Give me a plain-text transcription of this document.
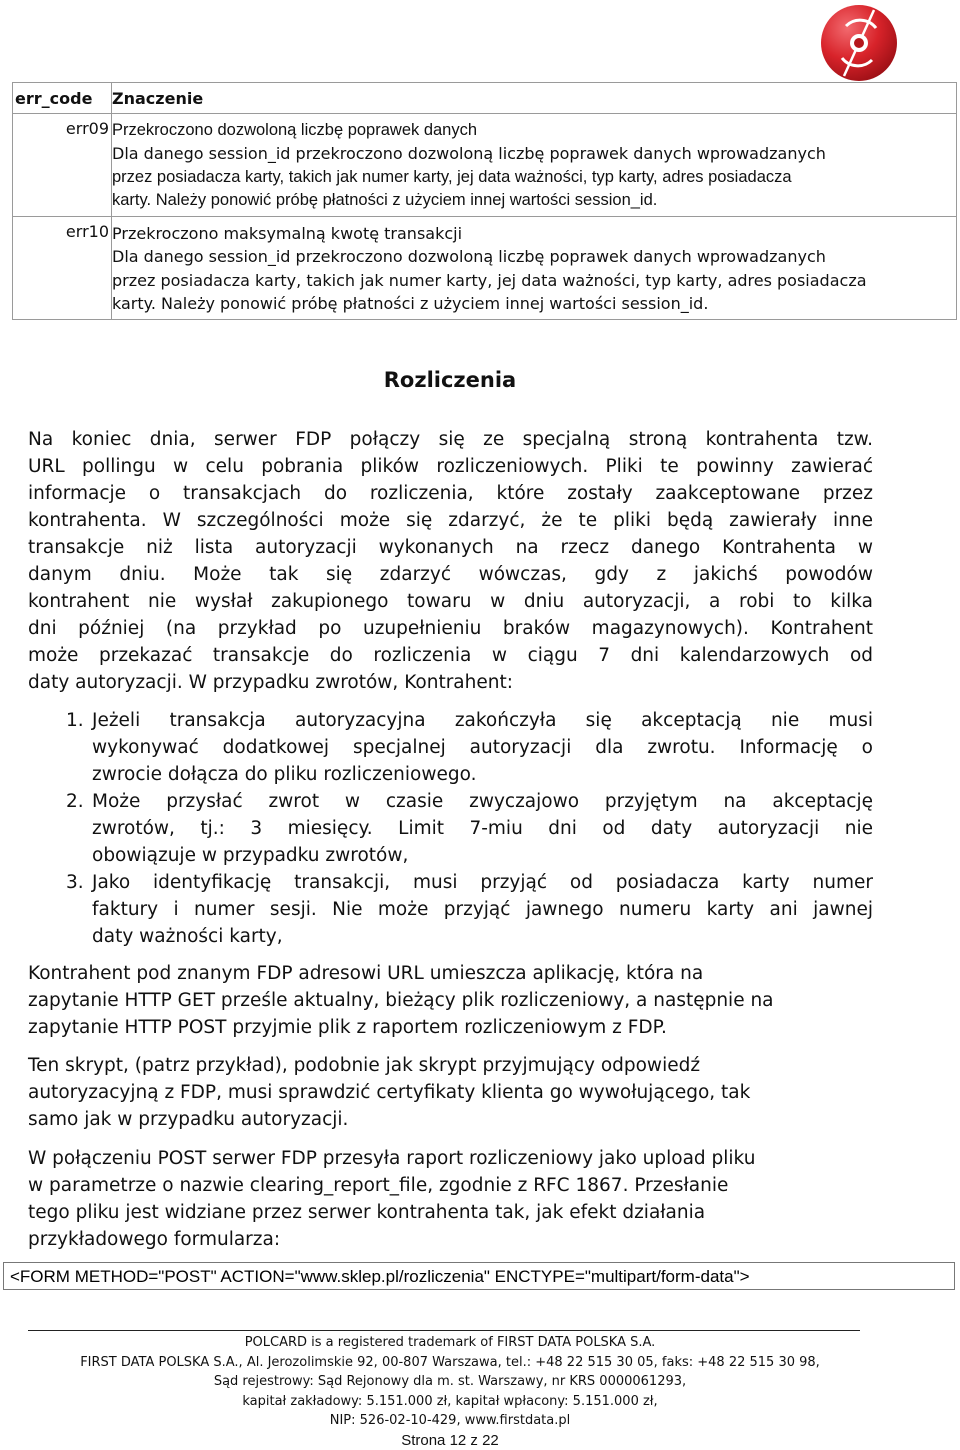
err_code	Znaczenie
err09	Przekroczono dozwoloną liczbę poprawek danych
Dla danego session_id przekroczono dozwoloną liczbę poprawek danych wprowadzanych
przez posiadacza karty, takich jak numer karty, jej data ważności, typ karty, adres posiadacza
karty. Należy ponowić próbę płatności z użyciem innej wartości session_id.

err10	Przekroczono maksymalną kwotę transakcji
Dla danego session_id przekroczono dozwoloną liczbę poprawek danych wprowadzanych
przez posiadacza karty, takich jak numer karty, jej data ważności, typ karty, adres posiadacza
karty. Należy ponowić próbę płatności z użyciem innej wartości session_id.
Rozliczenia
Na koniec dnia, serwer FDP połączy się ze specjalną stroną kontrahenta tzw.
URL pollingu w celu pobrania plików rozliczeniowych. Pliki te powinny zawierać
informacje o transakcjach do rozliczenia, które zostały zaakceptowane przez
kontrahenta. W szczególności może się zdarzyć, że te pliki będą zawierały inne
transakcje niż lista autoryzacji wykonanych na rzecz danego Kontrahenta w
danym dniu. Może tak się zdarzyć wówczas, gdy z jakichś powodów
kontrahent nie wysłał zakupionego towaru w dniu autoryzacji, a robi to kilka
dni później (na przykład po uzupełnieniu braków magazynowych). Kontrahent
może przekazać transakcje do rozliczenia w ciągu 7 dni kalendarzowych od
daty autoryzacji. W przypadku zwrotów, Kontrahent:
1. Jeżeli transakcja autoryzacyjna zakończyła się akceptacją nie musi
wykonywać dodatkowej specjalnej autoryzacji dla zwrotu. Informację o
zwrocie dołącza do pliku rozliczeniowego.
2. Może przysłać zwrot w czasie zwyczajowo przyjętym na akceptację
zwrotów, tj.: 3 miesięcy. Limit 7-miu dni od daty autoryzacji nie
obowiązuje w przypadku zwrotów,
3. Jako identyfikację transakcji, musi przyjąć od posiadacza karty numer
faktury i numer sesji. Nie może przyjąć jawnego numeru karty ani jawnej
daty ważności karty,
Kontrahent pod znanym FDP adresowi URL umieszcza aplikację, która na
zapytanie HTTP GET prześle aktualny, bieżący plik rozliczeniowy, a następnie na
zapytanie HTTP POST przyjmie plik z raportem rozliczeniowym z FDP.
Ten skrypt, (patrz przykład), podobnie jak skrypt przyjmujący odpowiedź
autoryzacyjną z FDP, musi sprawdzić certyfikaty klienta go wywołującego, tak
samo jak w przypadku autoryzacji.
W połączeniu POST serwer FDP przesyła raport rozliczeniowy jako upload pliku
w parametrze o nazwie clearing_report_file, zgodnie z RFC 1867. Przesłanie
tego pliku jest widziane przez serwer kontrahenta tak, jak efekt działania
przykładowego formularza:
<FORM METHOD="POST" ACTION="www.sklep.pl/rozliczenia" ENCTYPE="multipart/form-data">
POLCARD is a registered trademark of FIRST DATA POLSKA S.A.
FIRST DATA POLSKA S.A., Al. Jerozolimskie 92, 00-807 Warszawa, tel.: +48 22 515 30 05, faks: +48 22 515 30 98,
Sąd rejestrowy: Sąd Rejonowy dla m. st. Warszawy, nr KRS 0000061293,
kapitał zakładowy: 5.151.000 zł, kapitał wpłacony: 5.151.000 zł,
NIP: 526-02-10-429, www.firstdata.pl
Strona 12 z 22
